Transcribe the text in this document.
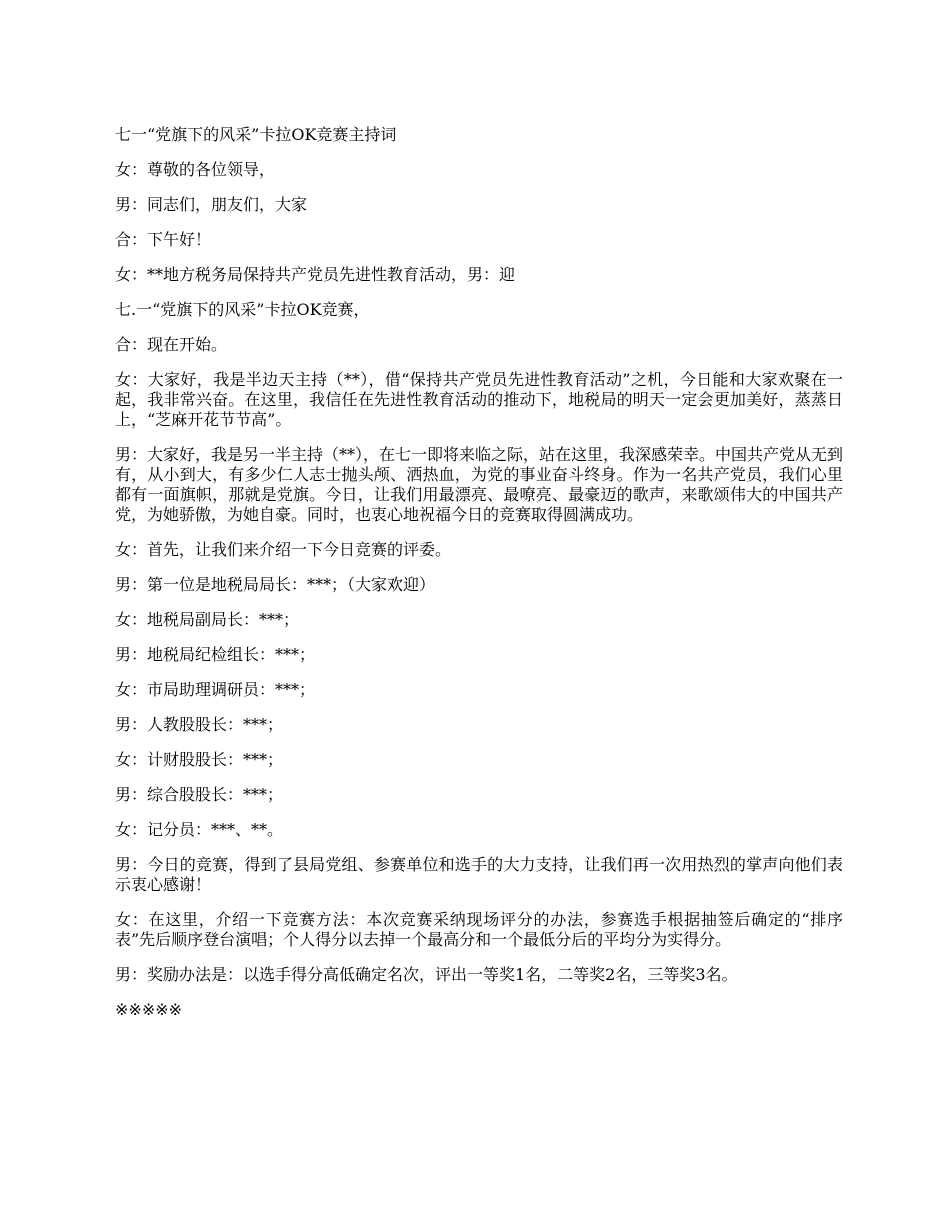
七一“党旗下的风采”卡拉OK竞赛主持词

女：尊敬的各位领导，

男：同志们，朋友们，大家

合：下午好！

女：**地方税务局保持共产党员先进性教育活动，男：迎

七.一“党旗下的风采”卡拉OK竞赛，

合：现在开始。

女：大家好，我是半边天主持（**），借“保持共产党员先进性教育活动”之机，今日能和大家欢聚在一起，我非常兴奋。在这里，我信任在先进性教育活动的推动下，地税局的明天一定会更加美好，蒸蒸日上，“芝麻开花节节高”。

男：大家好，我是另一半主持（**），在七一即将来临之际，站在这里，我深感荣幸。中国共产党从无到有，从小到大，有多少仁人志士抛头颅、洒热血，为党的事业奋斗终身。作为一名共产党员，我们心里都有一面旗帜，那就是党旗。今日，让我们用最漂亮、最嘹亮、最豪迈的歌声，来歌颂伟大的中国共产党，为她骄傲，为她自豪。同时，也衷心地祝福今日的竞赛取得圆满成功。

女：首先，让我们来介绍一下今日竞赛的评委。

男：第一位是地税局局长：***；（大家欢迎）

女：地税局副局长：***；

男：地税局纪检组长：***；

女：市局助理调研员：***；

男：人教股股长：***；

女：计财股股长：***；

男：综合股股长：***；

女：记分员：***、**。

男：今日的竞赛，得到了县局党组、参赛单位和选手的大力支持，让我们再一次用热烈的掌声向他们表示衷心感谢！

女：在这里，介绍一下竞赛方法：本次竞赛采纳现场评分的办法，参赛选手根据抽签后确定的“排序表”先后顺序登台演唱；个人得分以去掉一个最高分和一个最低分后的平均分为实得分。

男：奖励办法是：以选手得分高低确定名次，评出一等奖1名，二等奖2名，三等奖3名。

※※※※※
